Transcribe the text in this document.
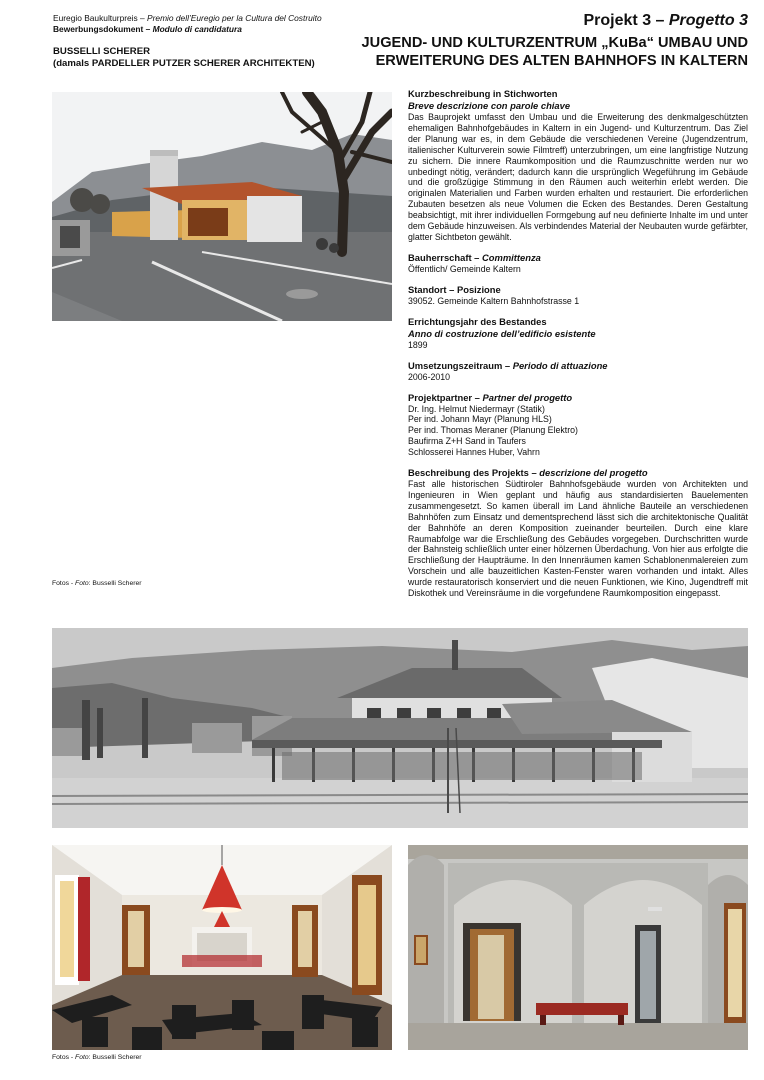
Euregio Baukulturpreis – Premio dell’Euregio per la Cultura del Costruito
Bewerbungsdokument – Modulo di candidatura
BUSSELLI SCHERER
(damals PARDELLER PUTZER SCHERER ARCHITEKTEN)
Projekt 3 – Progetto 3
JUGEND- UND KULTURZENTRUM „KuBa“ UMBAU UND
ERWEITERUNG DES ALTEN BAHNHOFS IN KALTERN
Fotos - Foto: Busselli Scherer
Kurzbeschreibung in Stichworten
Breve descrizione con parole chiave

Das Bauprojekt umfasst den Umbau und die Erweiterung des denkmalgeschützten ehemaligen Bahnhofgebäudes in Kaltern in ein Jugend- und Kulturzentrum. Das Ziel der Planung war es, in dem Gebäude die verschiedenen Vereine (Jugendzentrum, italienischer Kulturverein sowie Filmtreff) unterzubringen, um eine langfristige Nutzung zu sichern. Die innere Raumkomposition und die Raumzuschnitte werden nur wo unbedingt nötig, verändert; dadurch kann die ursprünglich Wegeführung im Gebäude und die großzügige Stimmung in den Räumen auch weiterhin erlebt werden. Die originalen Materialien und Farben wurden erhalten und restauriert. Die erforderlichen Zubauten besetzen als neue Volumen die Ecken des Bestandes. Deren Gestaltung beabsichtigt, mit ihrer individuellen Formgebung auf neu definierte Inhalte im und unter dem Gebäude hinzuweisen. Als verbindendes Material der Neubauten wurde gefärbter, glatter Sichtbeton gewählt.

Bauherrschaft – Committenza
Öffentlich/ Gemeinde Kaltern
Standort – Posizione
39052. Gemeinde Kaltern Bahnhofstrasse 1
Errichtungsjahr des Bestandes
Anno di costruzione dell’edificio esistente
1899
Umsetzungszeitraum – Periodo di attuazione
2006-2010
Projektpartner – Partner del progetto
Dr. Ing. Helmut Niedermayr (Statik)
Per ind. Johann Mayr (Planung HLS)
Per ind. Thomas Meraner (Planung Elektro)
Baufirma Z+H Sand in Taufers
Schlosserei Hannes Huber, Vahrn
Beschreibung des Projekts – descrizione del progetto

Fast alle historischen Südtiroler Bahnhofsgebäude wurden von Architekten und Ingenieuren in Wien geplant und häufig aus standardisierten Bauelementen zusammengesetzt. So kamen überall im Land ähnliche Bauteile an verschiedenen Bahnhöfen zum Einsatz und dementsprechend lässt sich die architektonische Qualität der Bahnhöfe an deren Komposition zueinander beurteilen. Durch eine klare Raumabfolge war die Erschließung des Gebäudes vorgegeben. Durchschritten wurde der Bahnsteig schließlich unter einer hölzernen Überdachung. Von hier aus erfolgte die Erschließung der Haupträume. In den Innenräumen kamen Schablonenmalereien zum Vorschein und alle bauzeitlichen Kasten-Fenster waren vorhanden und intakt. Alles wurde restauratorisch konserviert und die neuen Funktionen, wie Kino, Jugendtreff mit Diskothek und Vereinsräume in die vorgefundene Raumkomposition eingepasst.

Fotos - Foto: Busselli Scherer
